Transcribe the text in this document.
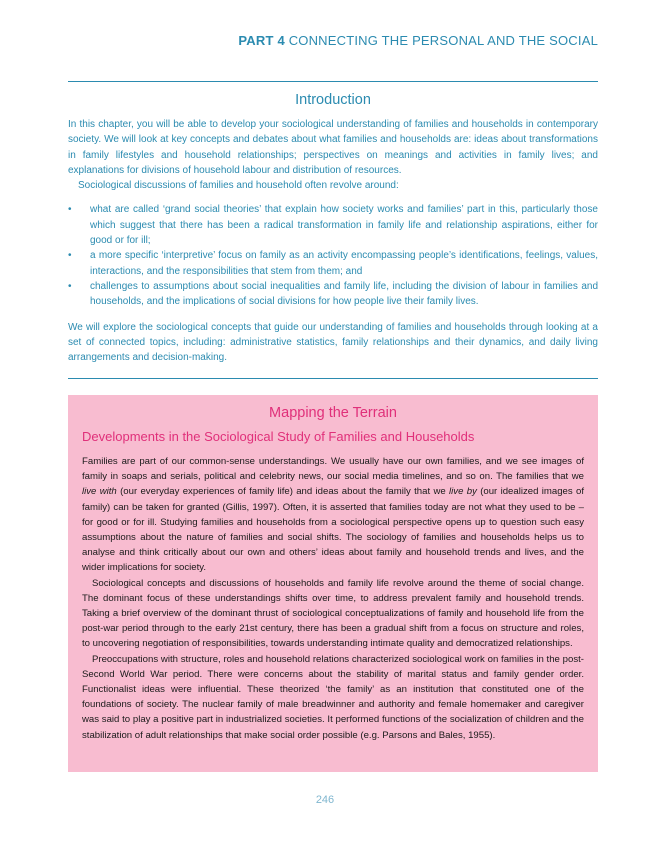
PART 4 CONNECTING THE PERSONAL AND THE SOCIAL
Introduction

In this chapter, you will be able to develop your sociological understanding of families and households in contemporary society. We will look at key concepts and debates about what families and households are: ideas about transformations in family lifestyles and household relationships; perspectives on meanings and activities in family lives; and explanations for divisions of household labour and distribution of resources.

Sociological discussions of families and household often revolve around:

• what are called ‘grand social theories’ that explain how society works and families’ part in this, particularly those which suggest that there has been a radical transformation in family life and relationship aspirations, either for good or for ill;
• a more specific ‘interpretive’ focus on family as an activity encompassing people’s identifications, feelings, values, interactions, and the responsibilities that stem from them; and
• challenges to assumptions about social inequalities and family life, including the division of labour in families and households, and the implications of social divisions for how people live their family lives.

We will explore the sociological concepts that guide our understanding of families and households through looking at a set of connected topics, including: administrative statistics, family relationships and their dynamics, and daily living arrangements and decision-making.

Mapping the Terrain
Developments in the Sociological Study of Families and Households

Families are part of our common-sense understandings. We usually have our own families, and we see images of family in soaps and serials, political and celebrity news, our social media timelines, and so on. The families that we live with (our everyday experiences of family life) and ideas about the family that we live by (our idealized images of family) can be taken for granted (Gillis, 1997). Often, it is asserted that families today are not what they used to be – for good or for ill. Studying families and households from a sociological perspective opens up to question such easy assumptions about the nature of families and social shifts. The sociology of families and households helps us to analyse and think critically about our own and others’ ideas about family and household trends and lives, and the wider implications for society.

Sociological concepts and discussions of households and family life revolve around the theme of social change. The dominant focus of these understandings shifts over time, to address prevalent family and household trends. Taking a brief overview of the dominant thrust of sociological conceptualizations of family and household life from the post-war period through to the early 21st century, there has been a gradual shift from a focus on structure and roles, to uncovering negotiation of responsibilities, towards understanding intimate quality and democratized relationships.

Preoccupations with structure, roles and household relations characterized sociological work on families in the post-Second World War period. There were concerns about the stability of marital status and family gender order. Functionalist ideas were influential. These theorized ‘the family’ as an institution that constituted one of the foundations of society. The nuclear family of male breadwinner and authority and female homemaker and caregiver was said to play a positive part in industrialized societies. It performed functions of the socialization of children and the stabilization of adult relationships that make social order possible (e.g. Parsons and Bales, 1955).

246
